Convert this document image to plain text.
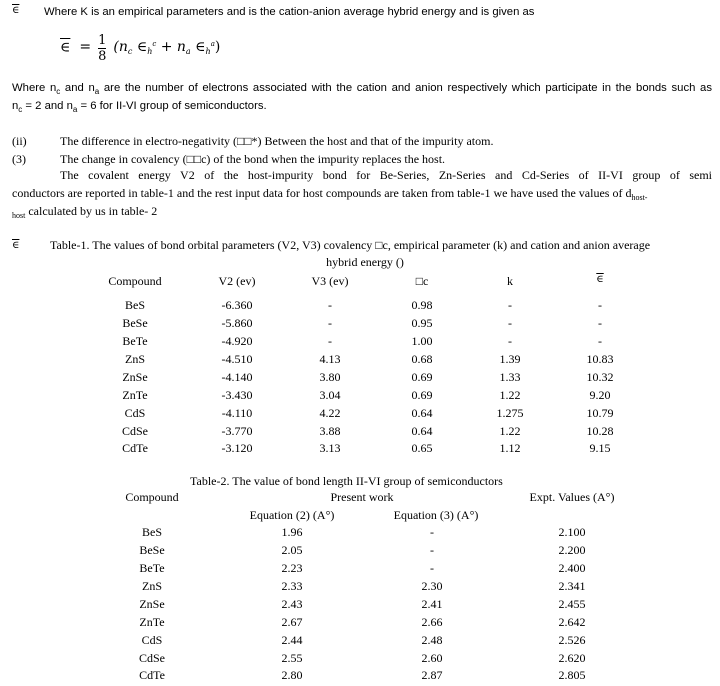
∈ Where K is an empirical parameters and is the cation-anion average hybrid energy and is given as
∈ = $\frac{1}{8} (n_c$ $\in_h^c + n_a$ $\in_h^a$)
Where $n_c$ and $n_a$ are the number of electrons associated with the cation and anion respectively which participate in the bonds such as
$n_c = 2$ and $n_a = 6$ for II-VI group of semiconductors.
(ii)	The difference in electro-negativity (□□*) Between the host and that of the impurity atom.
(3)	The change in covalency (□□c) of the bond when the impurity replaces the host.
The covalent energy V2 of the host-impurity bond for Be-Series, Zn-Series and Cd-Series of II-VI group of semi
conductors are reported in table-1 and the rest input data for host compounds are taken from table-1 we have used the values of $d_{host-}$
$_{host}$ calculated by us in table- 2
∈	Table-1. The values of bond orbital parameters (V2, V3) covalency □c, empirical parameter (k) and cation and anion average
hybrid energy ()
Compound	V2 (ev)	V3 (ev)	□c	k	∈
BeS	-6.360	-	0.98	-	-
BeSe	-5.860	-	0.95	-	-
BeTe	-4.920	-	1.00	-	-
ZnS	-4.510	4.13	0.68	1.39	10.83
ZnSe	-4.140	3.80	0.69	1.33	10.32
ZnTe	-3.430	3.04	0.69	1.22	9.20
CdS	-4.110	4.22	0.64	1.275	10.79
CdSe	-3.770	3.88	0.64	1.22	10.28
CdTe	-3.120	3.13	0.65	1.12	9.15
Table-2. The value of bond length II-VI group of semiconductors
Compound	Present work	Expt. Values (A°)
Equation (2) (A°)	Equation (3) (A°)
BeS	1.96	-	2.100
BeSe	2.05	-	2.200
BeTe	2.23	-	2.400
ZnS	2.33	2.30	2.341
ZnSe	2.43	2.41	2.455
ZnTe	2.67	2.66	2.642
CdS	2.44	2.48	2.526
CdSe	2.55	2.60	2.620
CdTe	2.80	2.87	2.805
